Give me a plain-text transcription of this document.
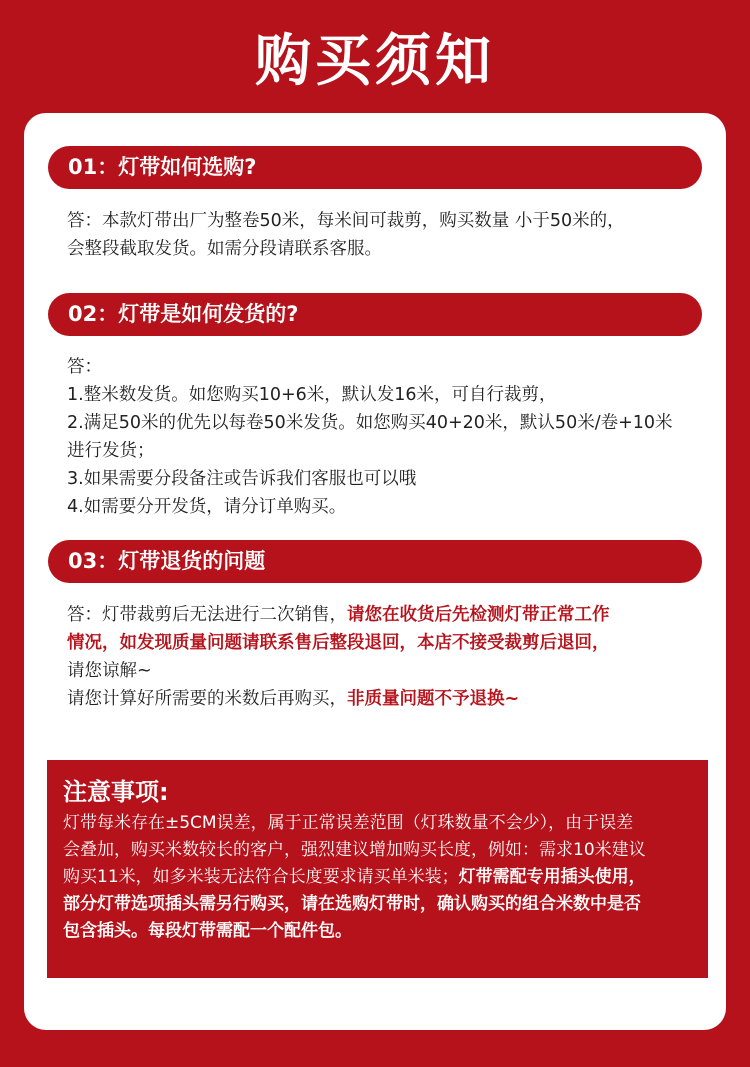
购买须知
01：灯带如何选购?

答：本款灯带出厂为整卷50米，每米间可裁剪，购买数量 小于50米的，

会整段截取发货。如需分段请联系客服。

02：灯带是如何发货的?

答：

1.整米数发货。如您购买10+6米，默认发16米，可自行裁剪，

2.满足50米的优先以每卷50米发货。如您购买40+20米，默认50米/卷+10米

进行发货；

3.如果需要分段备注或告诉我们客服也可以哦

4.如需要分开发货，请分订单购买。

03：灯带退货的问题

答：灯带裁剪后无法进行二次销售，请您在收货后先检测灯带正常工作

情况，如发现质量问题请联系售后整段退回，本店不接受裁剪后退回，

请您谅解~

请您计算好所需要的米数后再购买，非质量问题不予退换~

注意事项:
灯带每米存在±5CM误差，属于正常误差范围（灯珠数量不会少），由于误差
会叠加，购买米数较长的客户，强烈建议增加购买长度，例如：需求10米建议
购买11米，如多米装无法符合长度要求请买单米装；灯带需配专用插头使用，
部分灯带选项插头需另行购买，请在选购灯带时，确认购买的组合米数中是否
包含插头。每段灯带需配一个配件包。
